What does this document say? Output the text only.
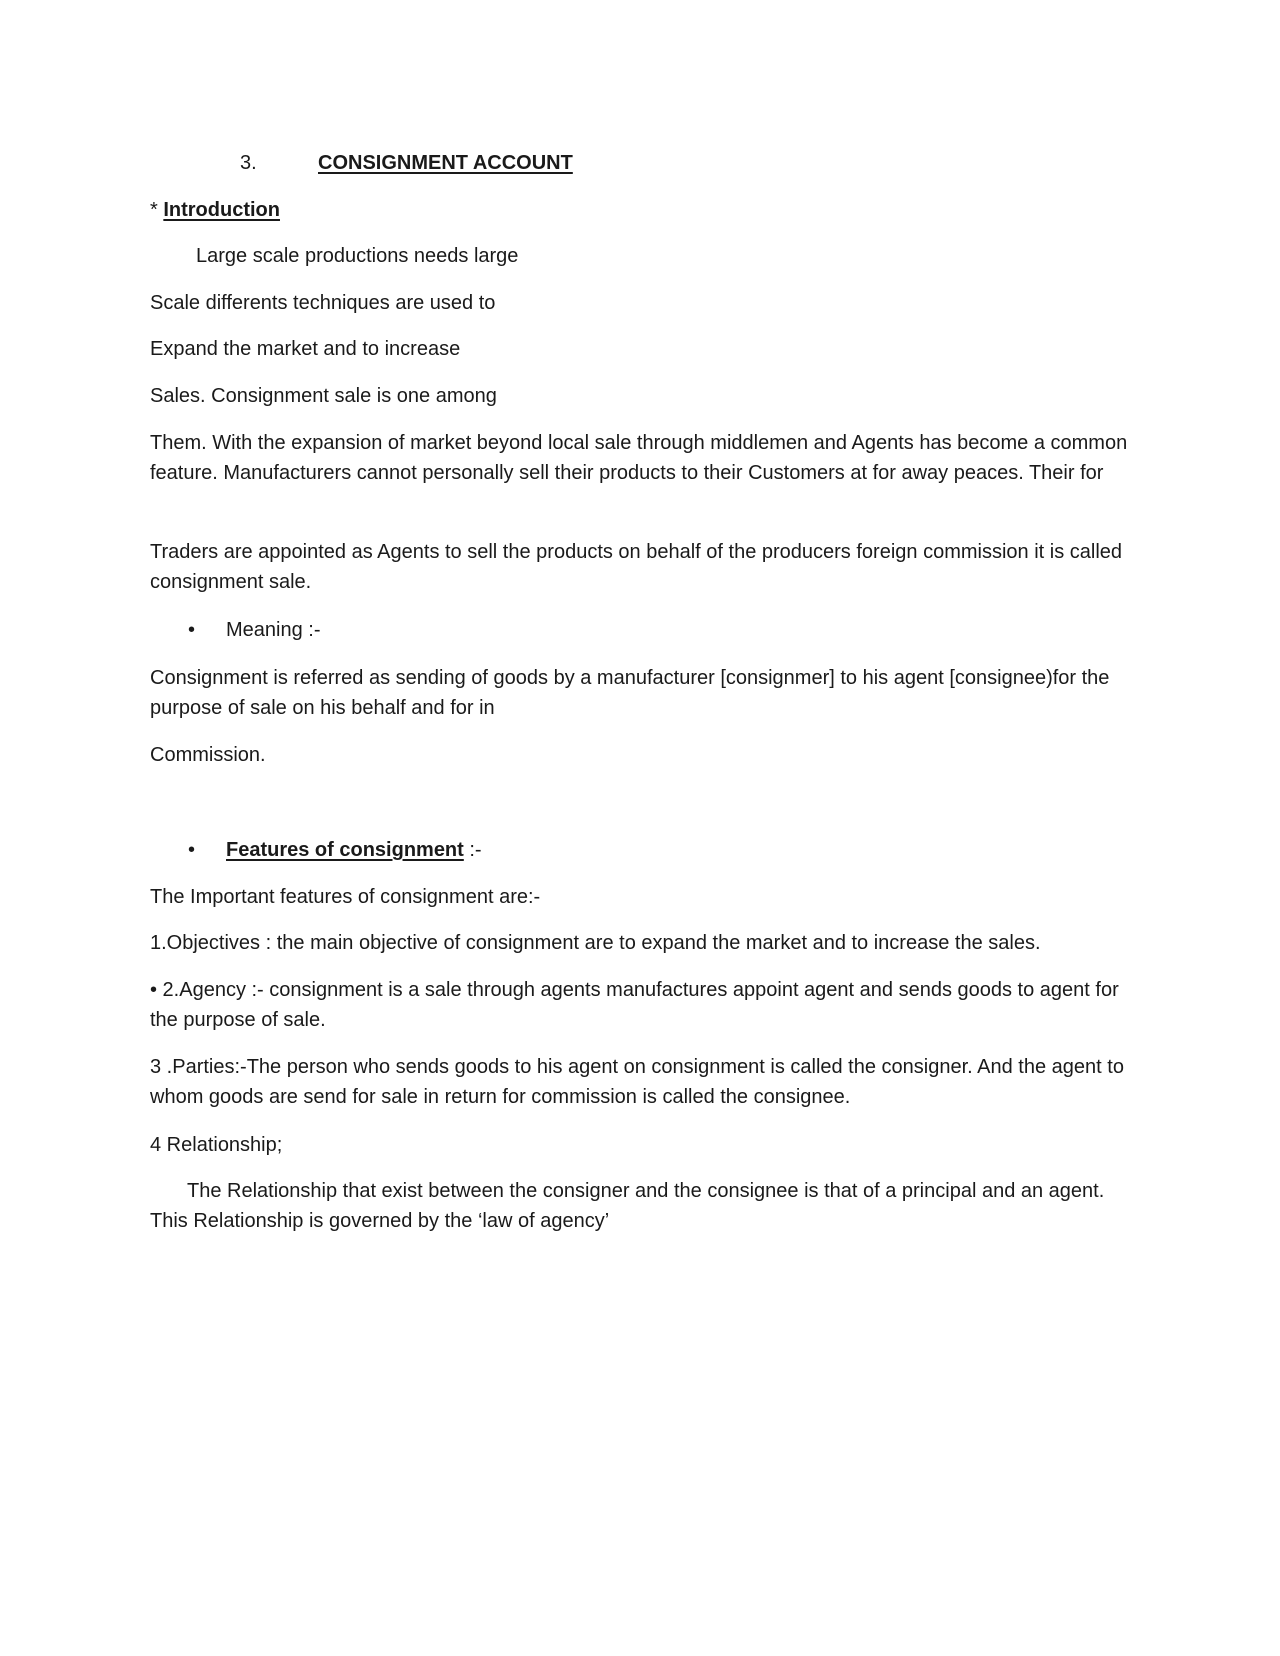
3.	CONSIGNMENT ACCOUNT
* Introduction
Large scale productions needs large
Scale differents techniques are used to
Expand the market and to increase
Sales. Consignment sale is one among
Them. With the expansion of market beyond local sale through middlemen and Agents has become a common feature. Manufacturers cannot personally sell their products to their Customers at for away peaces. Their for
Traders are appointed as Agents to sell the products on behalf of the producers foreign commission it is called consignment sale.
• Meaning :-
Consignment is referred as sending of goods by a manufacturer [consignmer] to his agent [consignee)for the purpose of sale on his behalf and for in
Commission.
• Features of consignment :-
The Important features of consignment are:-
1.Objectives : the main objective of consignment are to expand the market and to increase the sales.
• 2.Agency :- consignment is a sale through agents manufactures appoint agent and sends goods to agent for the purpose of sale.
3 .Parties:-The person who sends goods to his agent on consignment is called the consigner. And the agent to whom goods are send for sale in return for commission is called the consignee.
4 Relationship;
The Relationship that exist between the consigner and the consignee is that of a principal and an agent. This Relationship is governed by the ‘law of agency’
